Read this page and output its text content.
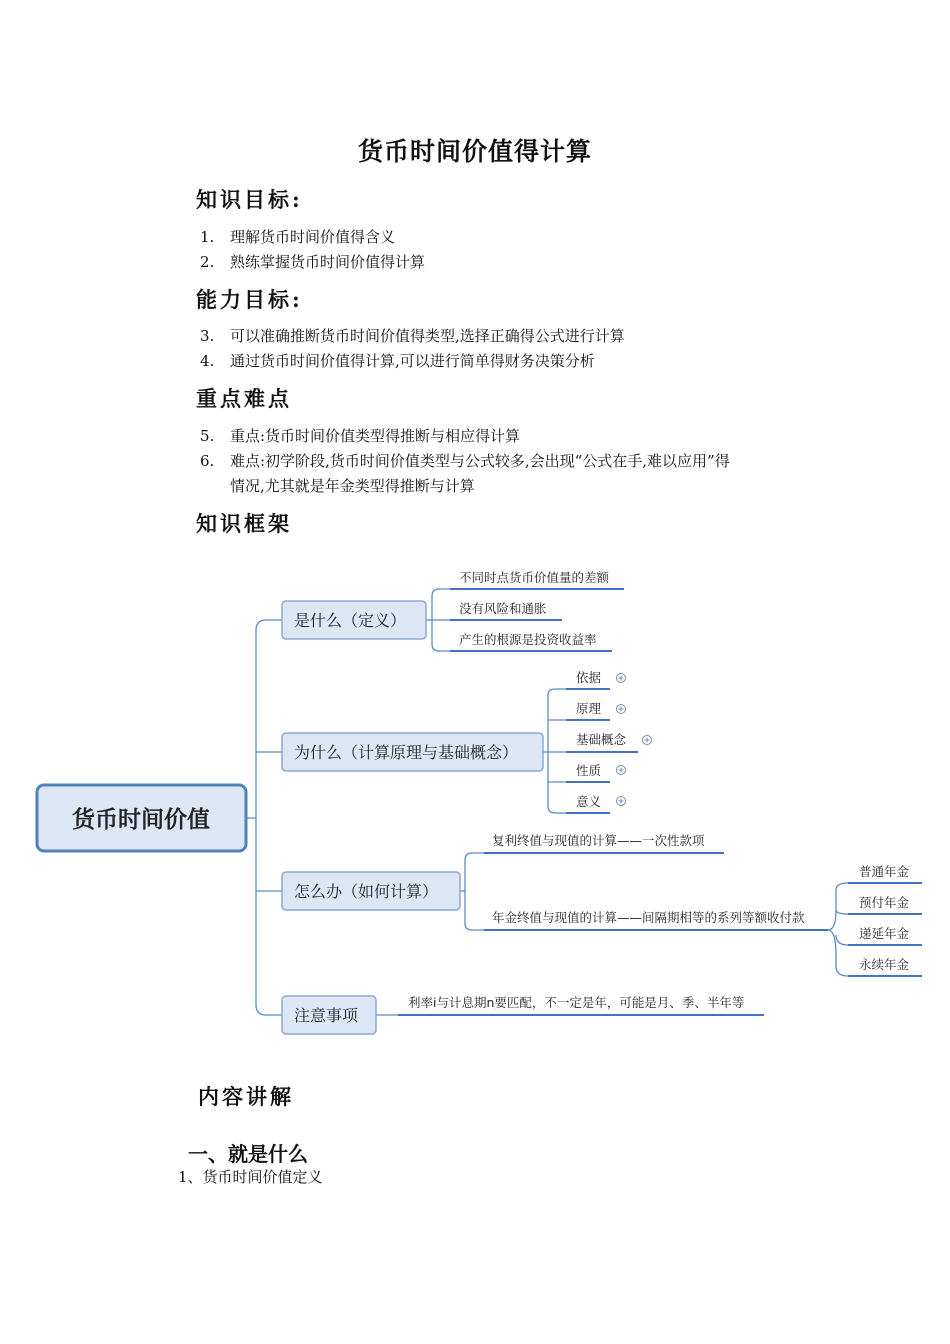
货币时间价值得计算
知识目标:
1. 理解货币时间价值得含义
2. 熟练掌握货币时间价值得计算
能力目标:
3. 可以准确推断货币时间价值得类型,选择正确得公式进行计算
4. 通过货币时间价值得计算,可以进行简单得财务决策分析
重点难点
5. 重点:货币时间价值类型得推断与相应得计算
6. 难点:初学阶段,货币时间价值类型与公式较多,会出现“公式在手,难以应用”得
情况,尤其就是年金类型得推断与计算
知识框架
货币时间价值
是什么（定义）
为什么（计算原理与基础概念）
怎么办（如何计算）
注意事项
不同时点货币价值量的差额
没有风险和通胀
产生的根源是投资收益率
依据
原理
基础概念
性质
意义
复利终值与现值的计算——一次性款项
年金终值与现值的计算——间隔期相等的系列等额收付款
普通年金
预付年金
递延年金
永续年金
利率i与计息期n要匹配，不一定是年，可能是月、季、半年等
内容讲解
一、就是什么
1、货币时间价值定义
